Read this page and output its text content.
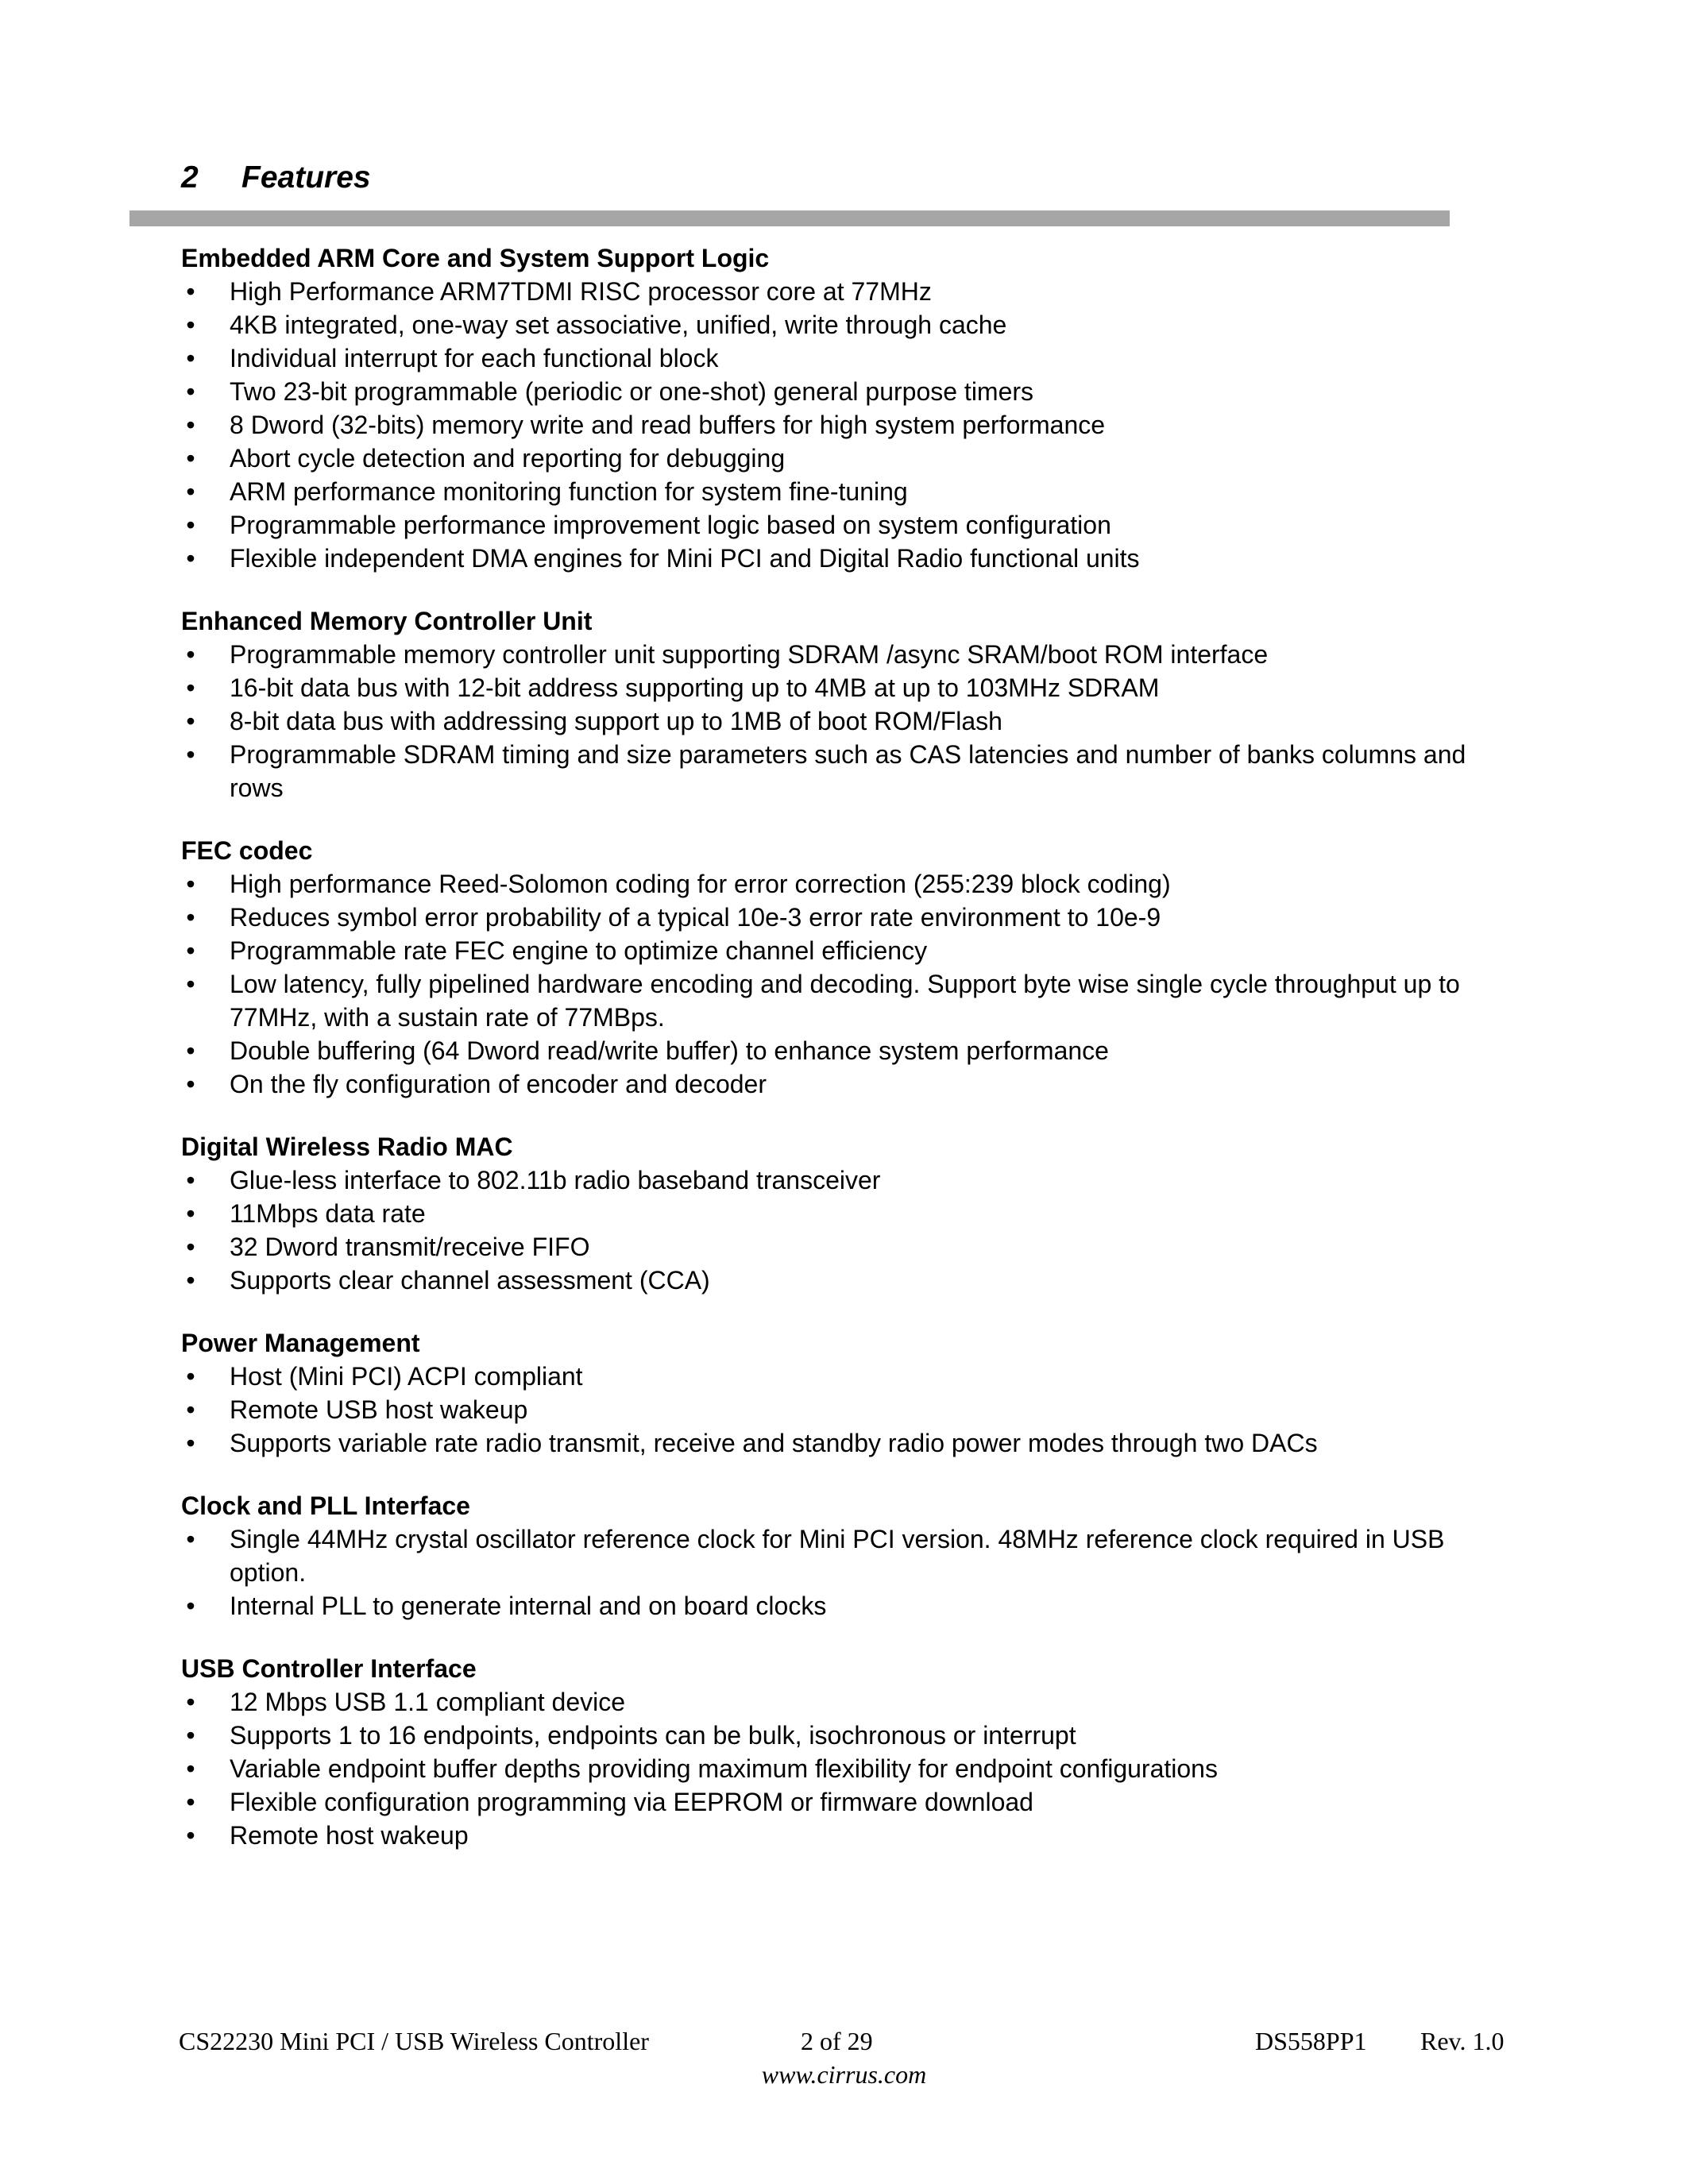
2 Features

Embedded ARM Core and System Support Logic

• High Performance ARM7TDMI RISC processor core at 77MHz
• 4KB integrated, one-way set associative, unified, write through cache
• Individual interrupt for each functional block
• Two 23-bit programmable (periodic or one-shot) general purpose timers
• 8 Dword (32-bits) memory write and read buffers for high system performance
• Abort cycle detection and reporting for debugging
• ARM performance monitoring function for system fine-tuning
• Programmable performance improvement logic based on system configuration
• Flexible independent DMA engines for Mini PCI and Digital Radio functional units

Enhanced Memory Controller Unit

• Programmable memory controller unit supporting SDRAM /async SRAM/boot ROM interface
• 16-bit data bus with 12-bit address supporting up to 4MB at up to 103MHz SDRAM
• 8-bit data bus with addressing support up to 1MB of boot ROM/Flash
• Programmable SDRAM timing and size parameters such as CAS latencies and number of banks columns and rows

FEC codec

• High performance Reed-Solomon coding for error correction (255:239 block coding)
• Reduces symbol error probability of a typical 10e-3 error rate environment to 10e-9
• Programmable rate FEC engine to optimize channel efficiency
• Low latency, fully pipelined hardware encoding and decoding. Support byte wise single cycle throughput up to 77MHz, with a sustain rate of 77MBps.
• Double buffering (64 Dword read/write buffer) to enhance system performance
• On the fly configuration of encoder and decoder

Digital Wireless Radio MAC

• Glue-less interface to 802.11b radio baseband transceiver
• 11Mbps data rate
• 32 Dword transmit/receive FIFO
• Supports clear channel assessment (CCA)

Power Management

• Host (Mini PCI) ACPI compliant
• Remote USB host wakeup
• Supports variable rate radio transmit, receive and standby radio power modes through two DACs

Clock and PLL Interface

• Single 44MHz crystal oscillator reference clock for Mini PCI version. 48MHz reference clock required in USB option.
• Internal PLL to generate internal and on board clocks

USB Controller Interface

• 12 Mbps USB 1.1 compliant device
• Supports 1 to 16 endpoints, endpoints can be bulk, isochronous or interrupt
• Variable endpoint buffer depths providing maximum flexibility for endpoint configurations
• Flexible configuration programming via EEPROM or firmware download
• Remote host wakeup
CS22230 Mini PCI / USB Wireless Controller	2 of 29	DS558PP1 Rev. 1.0
www.cirrus.com
